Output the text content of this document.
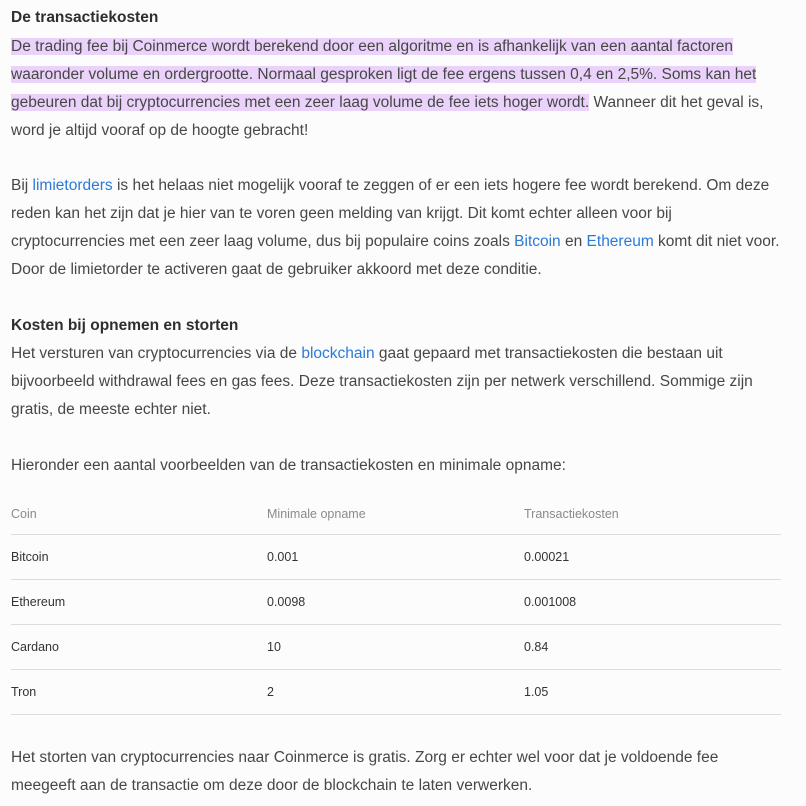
De transactiekosten

De trading fee bij Coinmerce wordt berekend door een algoritme en is afhankelijk van een aantal factoren waaronder volume en ordergrootte. Normaal gesproken ligt de fee ergens tussen 0,4 en 2,5%. Soms kan het gebeuren dat bij cryptocurrencies met een zeer laag volume de fee iets hoger wordt. Wanneer dit het geval is, word je altijd vooraf op de hoogte gebracht!

Bij limietorders is het helaas niet mogelijk vooraf te zeggen of er een iets hogere fee wordt berekend. Om deze reden kan het zijn dat je hier van te voren geen melding van krijgt. Dit komt echter alleen voor bij cryptocurrencies met een zeer laag volume, dus bij populaire coins zoals Bitcoin en Ethereum komt dit niet voor. Door de limietorder te activeren gaat de gebruiker akkoord met deze conditie.

Kosten bij opnemen en storten

Het versturen van cryptocurrencies via de blockchain gaat gepaard met transactiekosten die bestaan uit bijvoorbeeld withdrawal fees en gas fees. Deze transactiekosten zijn per netwerk verschillend. Sommige zijn gratis, de meeste echter niet.

Hieronder een aantal voorbeelden van de transactiekosten en minimale opname:

Coin	Minimale opname	Transactiekosten
Bitcoin	0.001	0.00021
Ethereum	0.0098	0.001008
Cardano	10	0.84
Tron	2	1.05

Het storten van cryptocurrencies naar Coinmerce is gratis. Zorg er echter wel voor dat je voldoende fee meegeeft aan de transactie om deze door de blockchain te laten verwerken.
